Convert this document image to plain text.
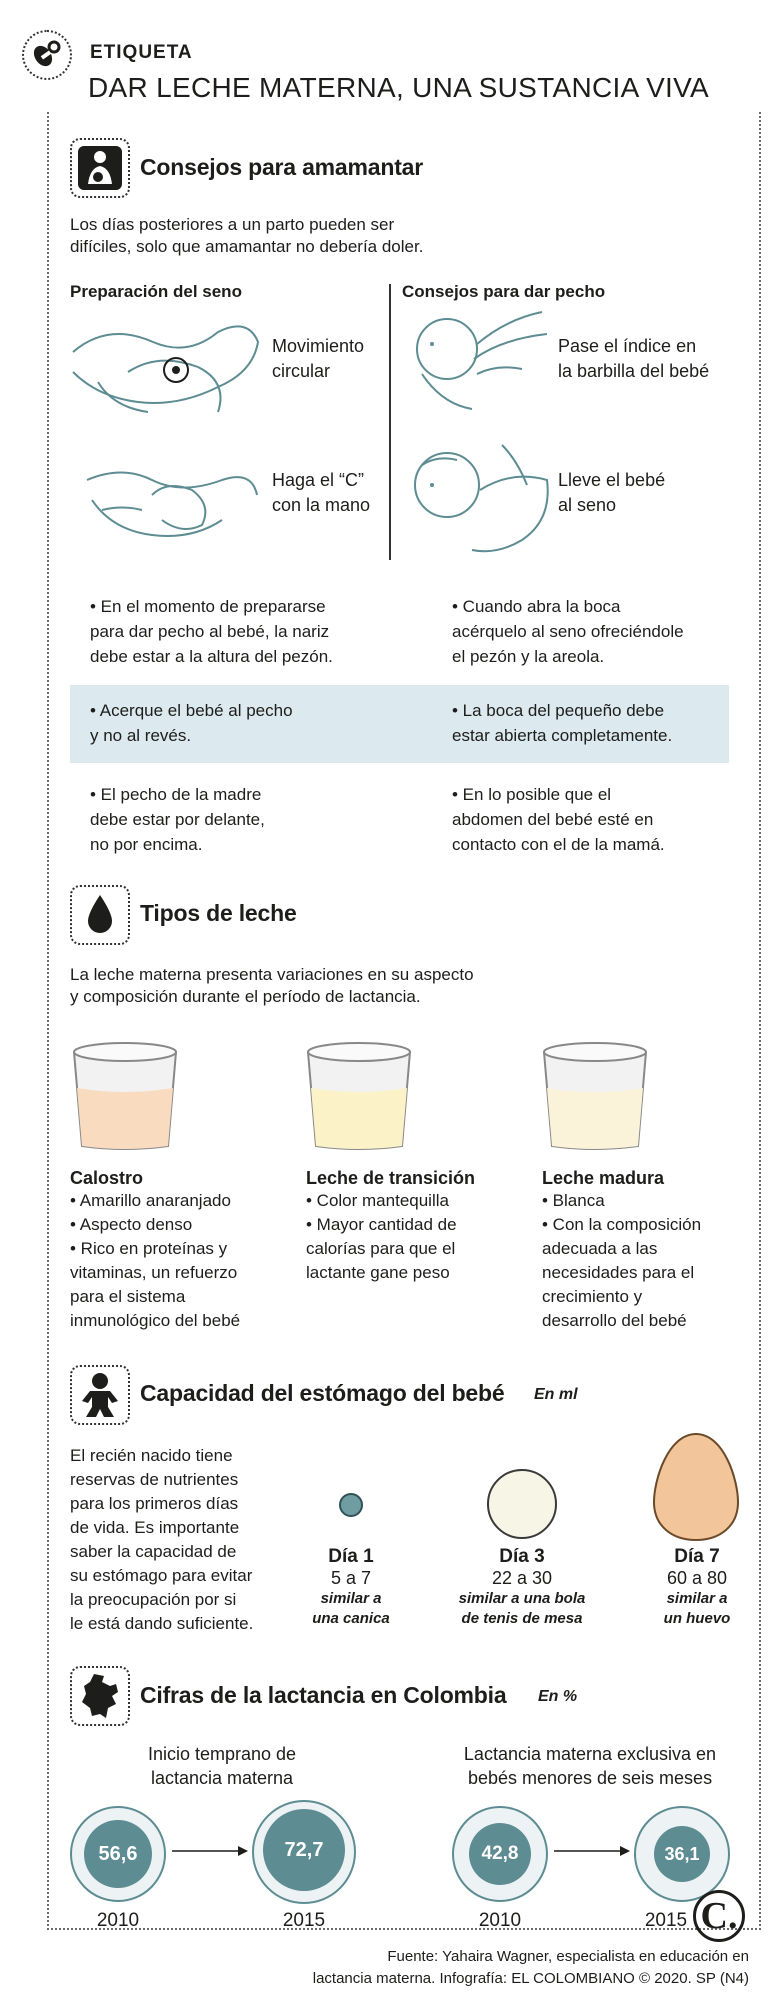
ETIQUETA
DAR LECHE MATERNA, UNA SUSTANCIA VIVA
Consejos para amamantar
Los días posteriores a un parto pueden ser
difíciles, solo que amamantar no debería doler.
Preparación del seno	Consejos para dar pecho
Movimiento
circular
Haga el “C”
con la mano
Pase el índice en
la barbilla del bebé
Lleve el bebé
al seno
• En el momento de prepararse
para dar pecho al bebé, la nariz
debe estar a la altura del pezón.
• Cuando abra la boca
acérquelo al seno ofreciéndole
el pezón y la areola.
• Acerque el bebé al pecho
y no al revés.
• La boca del pequeño debe
estar abierta completamente.
• El pecho de la madre
debe estar por delante,
no por encima.
• En lo posible que el
abdomen del bebé esté en
contacto con el de la mamá.
Tipos de leche
La leche materna presenta variaciones en su aspecto
y composición durante el período de lactancia.
Calostro
• Amarillo anaranjado
• Aspecto denso
• Rico en proteínas y
vitaminas, un refuerzo
para el sistema
inmunológico del bebé
Leche de transición
• Color mantequilla
• Mayor cantidad de
calorías para que el
lactante gane peso
Leche madura
• Blanca
• Con la composición
adecuada a las
necesidades para el
crecimiento y
desarrollo del bebé
Capacidad del estómago del bebé En ml
El recién nacido tiene
reservas de nutrientes
para los primeros días
de vida. Es importante
saber la capacidad de
su estómago para evitar
la preocupación por si
le está dando suficiente.
Día 1
5 a 7
similar a
una canica
Día 3
22 a 30
similar a una bola
de tenis de mesa
Día 7
60 a 80
similar a
un huevo
Cifras de la lactancia en Colombia En %
Inicio temprano de
lactancia materna
Lactancia materna exclusiva en
bebés menores de seis meses
56,6	72,7	42,8	36,1
2010	2015	2010	2015 C.
Fuente: Yahaira Wagner, especialista en educación en
lactancia materna. Infografía: EL COLOMBIANO © 2020. SP (N4)
